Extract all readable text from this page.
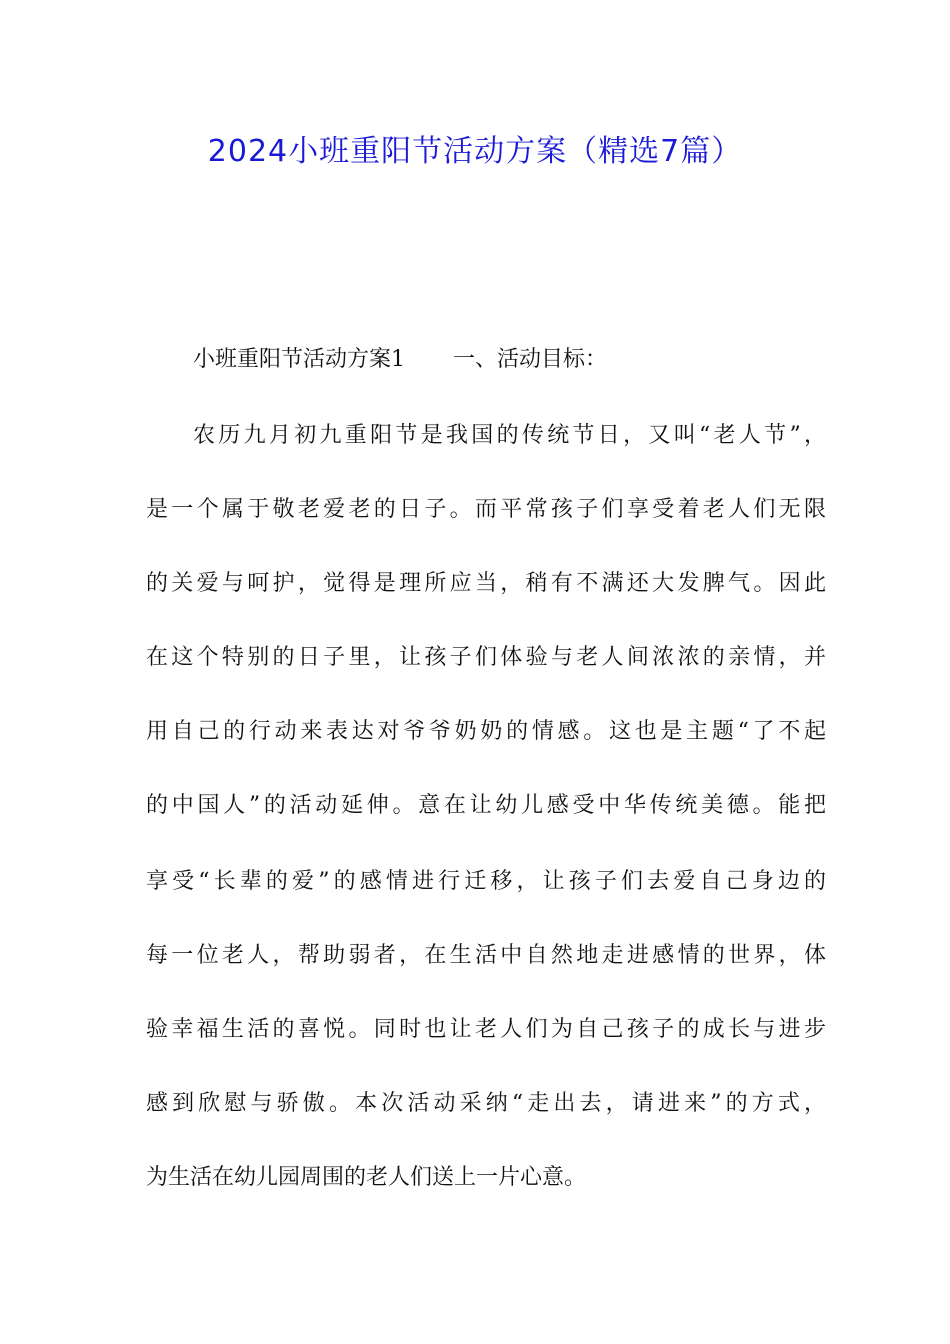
2024小班重阳节活动方案（精选7篇）
小班重阳节活动方案1 一、活动目标：
农历九月初九重阳节是我国的传统节日，又叫“老人节”，
是一个属于敬老爱老的日子。而平常孩子们享受着老人们无限
的关爱与呵护，觉得是理所应当，稍有不满还大发脾气。因此
在这个特别的日子里，让孩子们体验与老人间浓浓的亲情，并
用自己的行动来表达对爷爷奶奶的情感。这也是主题“了不起
的中国人”的活动延伸。意在让幼儿感受中华传统美德。能把
享受“长辈的爱”的感情进行迁移，让孩子们去爱自己身边的
每一位老人，帮助弱者，在生活中自然地走进感情的世界，体
验幸福生活的喜悦。同时也让老人们为自己孩子的成长与进步
感到欣慰与骄傲。本次活动采纳“走出去，请进来”的方式，
为生活在幼儿园周围的老人们送上一片心意。
